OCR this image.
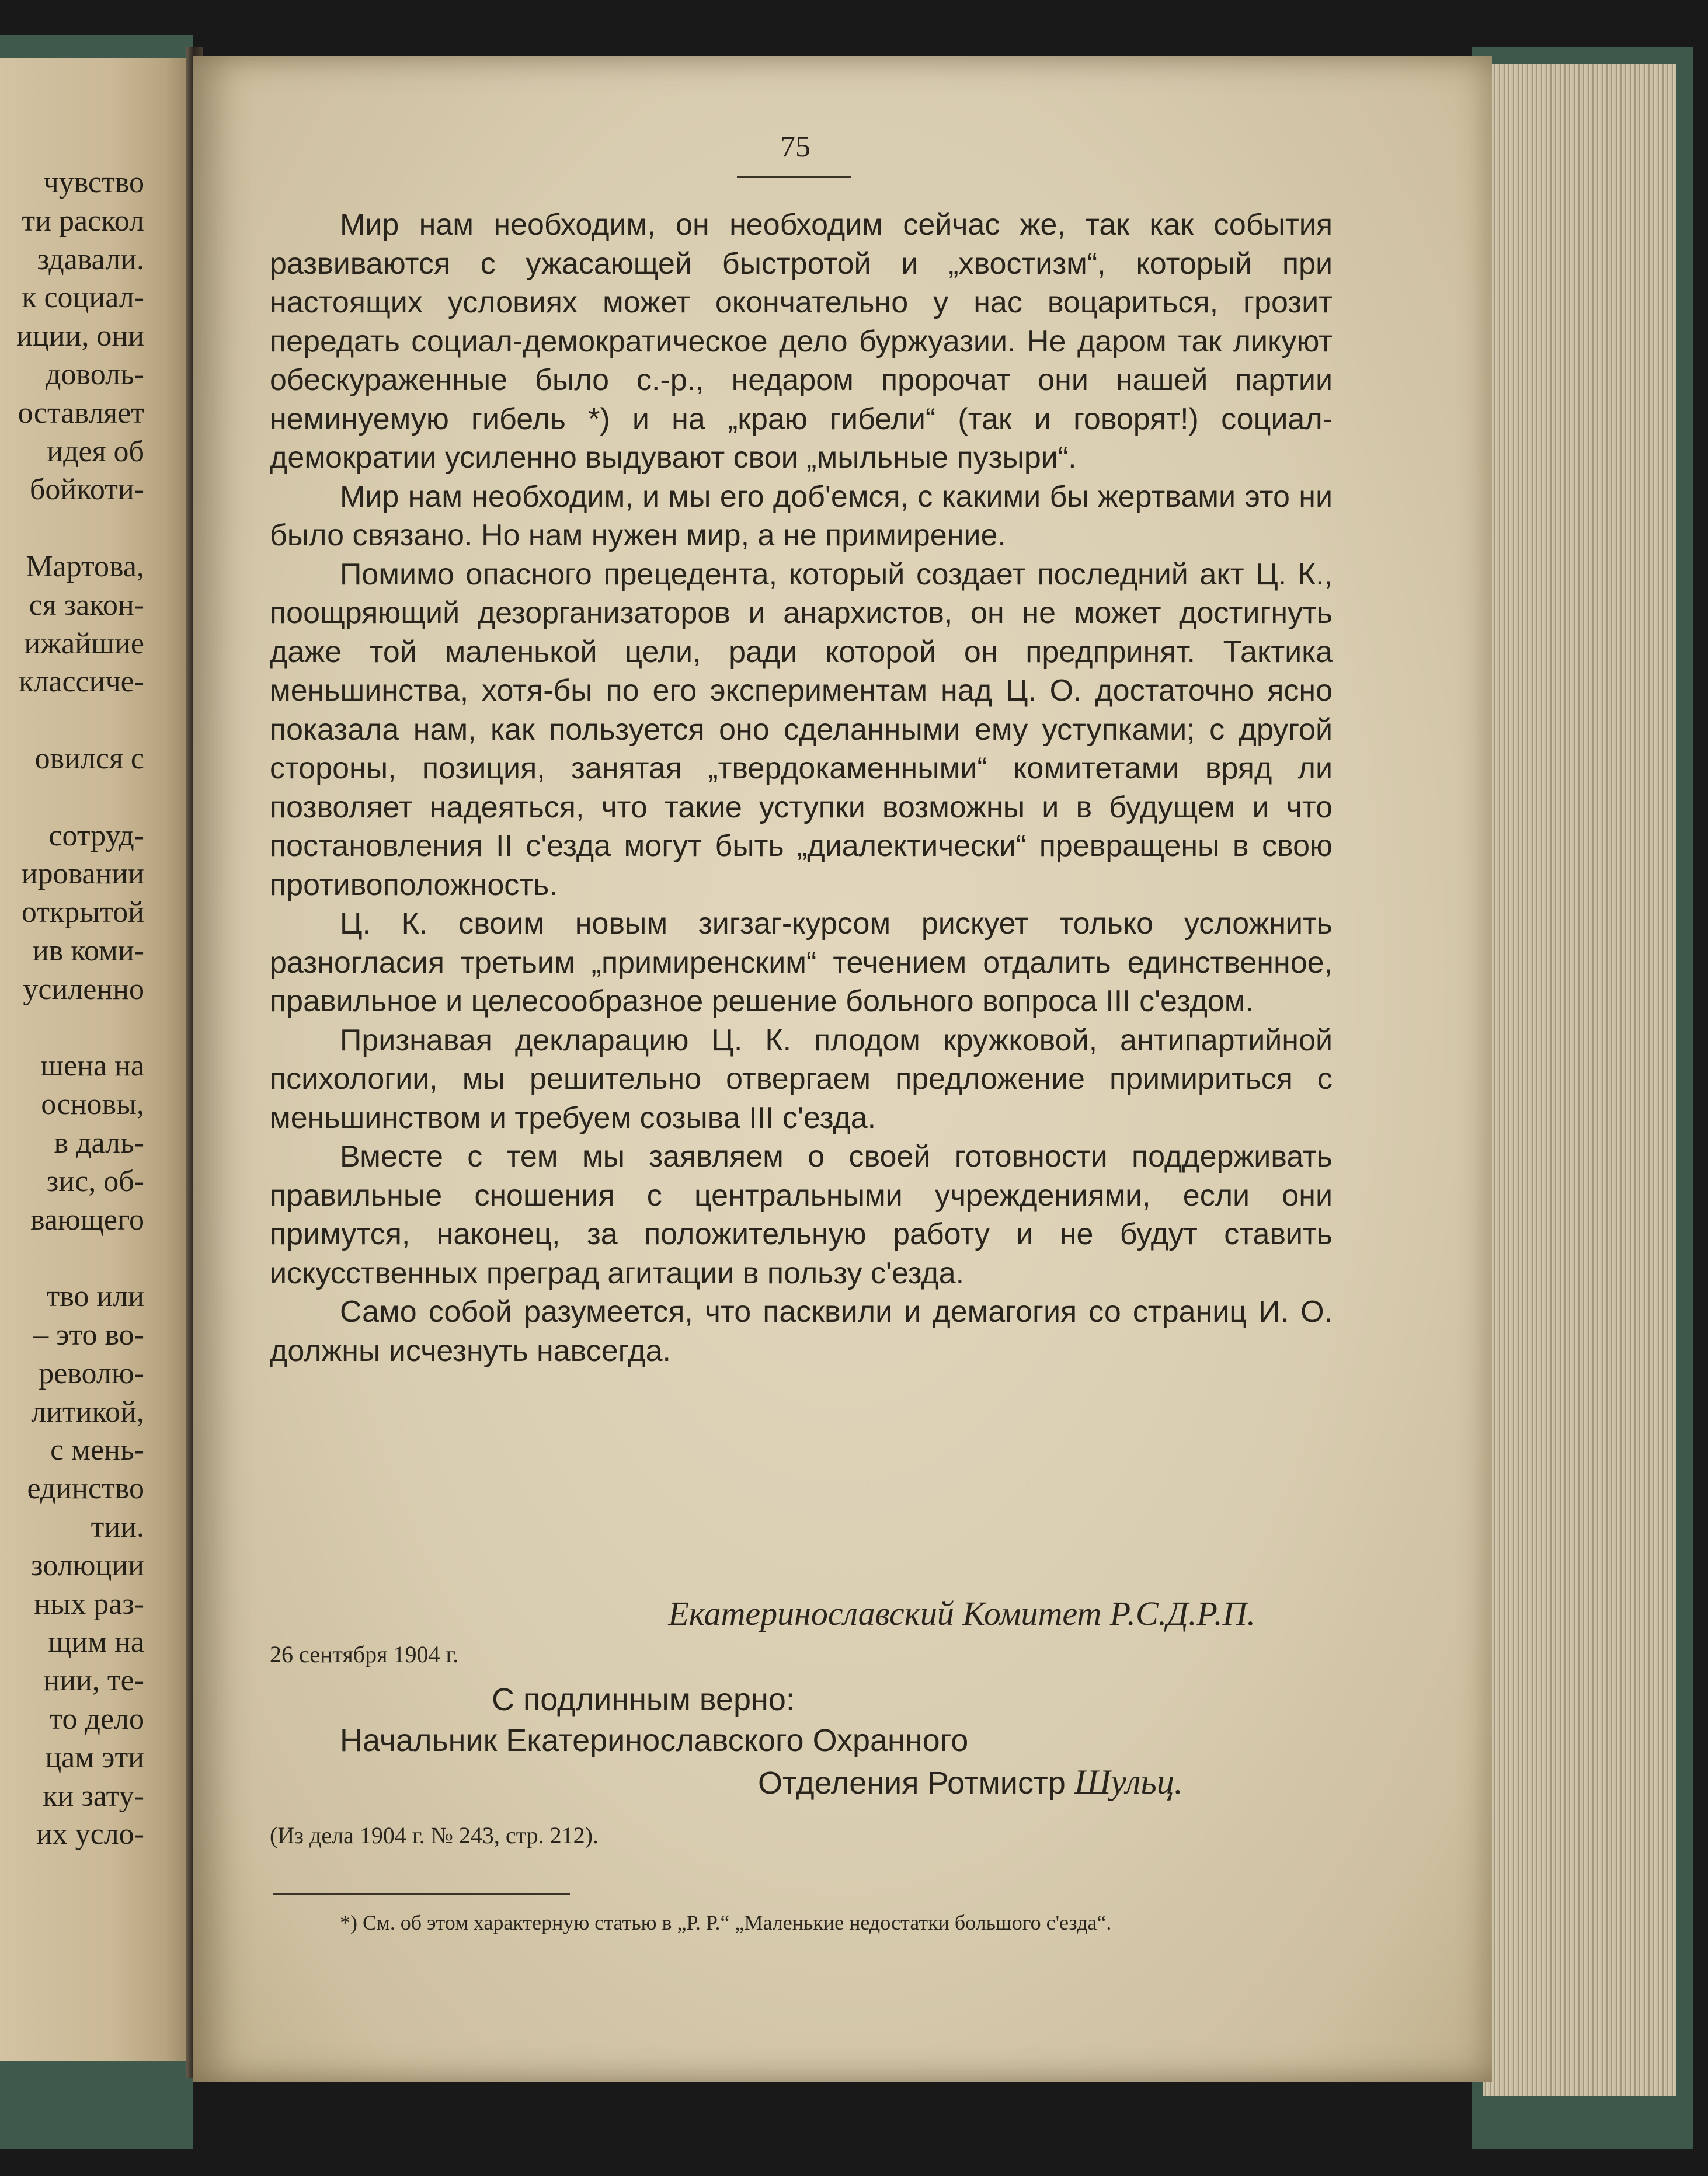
чувство
ти раскол
здавали.
к социал-
иции, они
доволь-
оставляет
идея об
бойкоти-
Мартова,
ся закон-
ижайшие
классиче-
овился с
сотруд-
ировании
открытой
ив коми-
усиленно
шена на
основы,
в даль-
зис, об-
вающего
тво или
– это во-
револю-
литикой,
с мень-
единство
тии.
золюции
ных раз-
щим на
нии, те-
то дело
цам эти
ки зату-
их усло-
75

Мир нам необходим, он необходим сейчас же, так как события развиваются с ужасающей быстротой и „хвостизм“, который при настоящих условиях может окончательно у нас воцариться, грозит передать социал-демократическое дело буржуазии. Не даром так ликуют обескураженные было с.-р., недаром пророчат они нашей партии неминуемую гибель *) и на „краю гибели“ (так и говорят!) социал-демократии усиленно выдувают свои „мыльные пузыри“.

Мир нам необходим, и мы его доб'емся, с какими бы жертвами это ни было связано. Но нам нужен мир, а не примирение.

Помимо опасного прецедента, который создает последний акт Ц. К., поощряющий дезорганизаторов и анархистов, он не может достигнуть даже той маленькой цели, ради которой он предпринят. Тактика меньшинства, хотя-бы по его экспериментам над Ц. О. достаточно ясно показала нам, как пользуется оно сделанными ему уступками; с другой стороны, позиция, занятая „твердокаменными“ комитетами вряд ли позволяет надеяться, что такие уступки возможны и в будущем и что постановления II с'езда могут быть „диалектически“ превращены в свою противоположность.

Ц. К. своим новым зигзаг-курсом рискует только усложнить разногласия третьим „примиренским“ течением отдалить единственное, правильное и целесообразное решение больного вопроса III с'ездом.

Признавая декларацию Ц. К. плодом кружковой, антипартийной психологии, мы решительно отвергаем предложение примириться с меньшинством и требуем созыва III с'езда.

Вместе с тем мы заявляем о своей готовности поддерживать правильные сношения с центральными учреждениями, если они примутся, наконец, за положительную работу и не будут ставить искусственных преград агитации в пользу с'езда.

Само собой разумеется, что пасквили и демагогия со страниц И. О. должны исчезнуть навсегда.

Екатеринославский Комитет Р.С.Д.Р.П.
26 сентября 1904 г.
С подлинным верно:
Начальник Екатеринославского Охранного
Отделения Ротмистр Шульц.
(Из дела 1904 г. № 243, стр. 212).
*) См. об этом характерную статью в „Р. Р.“ „Маленькие недостатки большого с'езда“.
